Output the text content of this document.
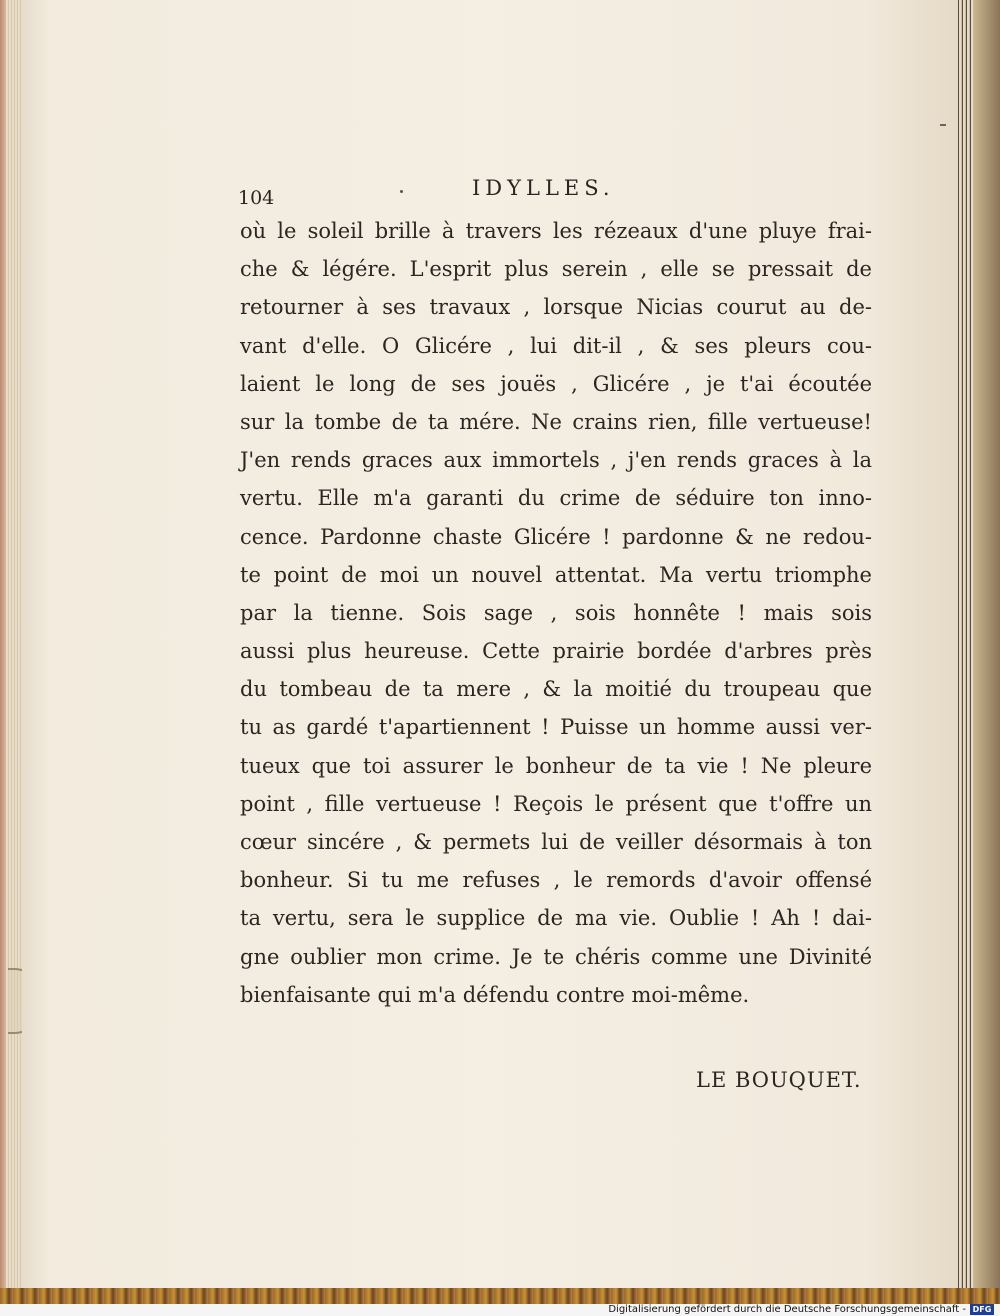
104	IDYLLES.
où le soleil brille à travers les rézeaux d'une pluye frai-
che & légére. L'esprit plus serein , elle se pressait de
retourner à ses travaux , lorsque Nicias courut au de-
vant d'elle. O Glicére , lui dit-il , & ses pleurs cou-
laient le long de ses jouës , Glicére , je t'ai écoutée
sur la tombe de ta mére. Ne crains rien, fille vertueuse!
J'en rends graces aux immortels , j'en rends graces à la
vertu. Elle m'a garanti du crime de séduire ton inno-
cence. Pardonne chaste Glicére ! pardonne & ne redou-
te point de moi un nouvel attentat. Ma vertu triomphe
par la tienne. Sois sage , sois honnête ! mais sois
aussi plus heureuse. Cette prairie bordée d'arbres près
du tombeau de ta mere , & la moitié du troupeau que
tu as gardé t'apartiennent ! Puisse un homme aussi ver-
tueux que toi assurer le bonheur de ta vie ! Ne pleure
point , fille vertueuse ! Reçois le présent que t'offre un
cœur sincére , & permets lui de veiller désormais à ton
bonheur. Si tu me refuses , le remords d'avoir offensé
ta vertu, sera le supplice de ma vie. Oublie ! Ah ! dai-
gne oublier mon crime. Je te chéris comme une Divinité
bienfaisante qui m'a défendu contre moi-même.
LE BOUQUET.
Digitalisierung gefördert durch die Deutsche Forschungsgemeinschaft - DFG
